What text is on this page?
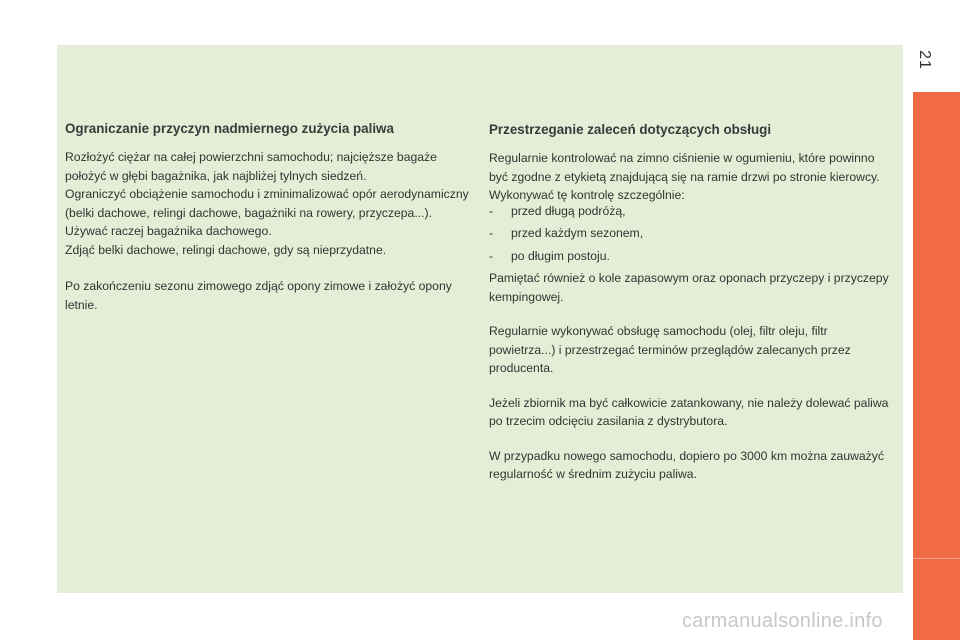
21
Ograniczanie przyczyn nadmiernego zużycia paliwa

Rozłożyć ciężar na całej powierzchni samochodu; najcięższe bagaże położyć w głębi bagażnika, jak najbliżej tylnych siedzeń.

Ograniczyć obciążenie samochodu i zminimalizować opór aerodynamiczny (belki dachowe, relingi dachowe, bagażniki na rowery, przyczepa...). Używać raczej bagażnika dachowego.

Zdjąć belki dachowe, relingi dachowe, gdy są nieprzydatne.

Po zakończeniu sezonu zimowego zdjąć opony zimowe i założyć opony letnie.

Przestrzeganie zaleceń dotyczących obsługi

Regularnie kontrolować na zimno ciśnienie w ogumieniu, które powinno być zgodne z etykietą znajdującą się na ramie drzwi po stronie kierowcy.

Wykonywać tę kontrolę szczególnie:

-	przed długą podróżą,
-	przed każdym sezonem,
-	po długim postoju.

Pamiętać również o kole zapasowym oraz oponach przyczepy i przyczepy kempingowej.

Regularnie wykonywać obsługę samochodu (olej, filtr oleju, filtr powietrza...) i przestrzegać terminów przeglądów zalecanych przez producenta.

Jeżeli zbiornik ma być całkowicie zatankowany, nie należy dolewać paliwa po trzecim odcięciu zasilania z dystrybutora.

W przypadku nowego samochodu, dopiero po 3000 km można zauważyć regularność w średnim zużyciu paliwa.

carmanualsonline.info
